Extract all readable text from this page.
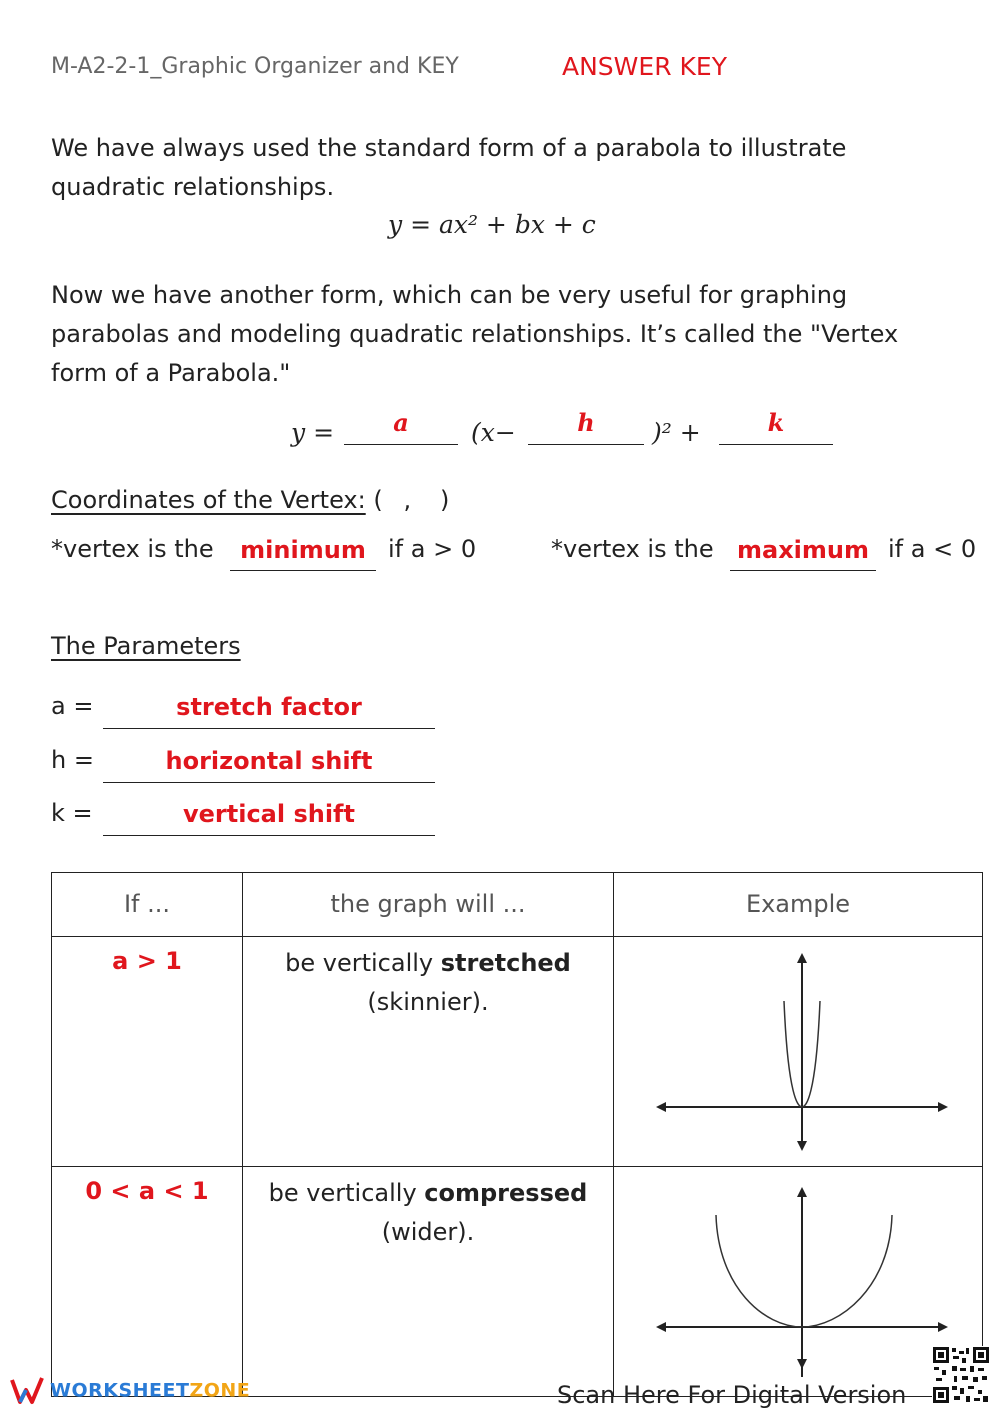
M-A2-2-1_Graphic Organizer and KEY	ANSWER KEY
We have always used the standard form of a parabola to illustrate
quadratic relationships.
y = ax² + bx + c
Now we have another form, which can be very useful for graphing
parabolas and modeling quadratic relationships. It’s called the "Vertex
form of a Parabola."
y =	a	(x−	h	)² +	k
Coordinates of the Vertex: ( , )
*vertex is the	minimum if a > 0	*vertex is the maximum if a < 0
The Parameters
a =	stretch factor
h =	horizontal shift
k =	vertical shift
If ...	the graph will ...	Example

a > 1	be vertically stretched
(skinnier).

0 < a < 1	be vertically compressed
(wider).

WORKSHEETZONE	Scan Here For Digital Version
